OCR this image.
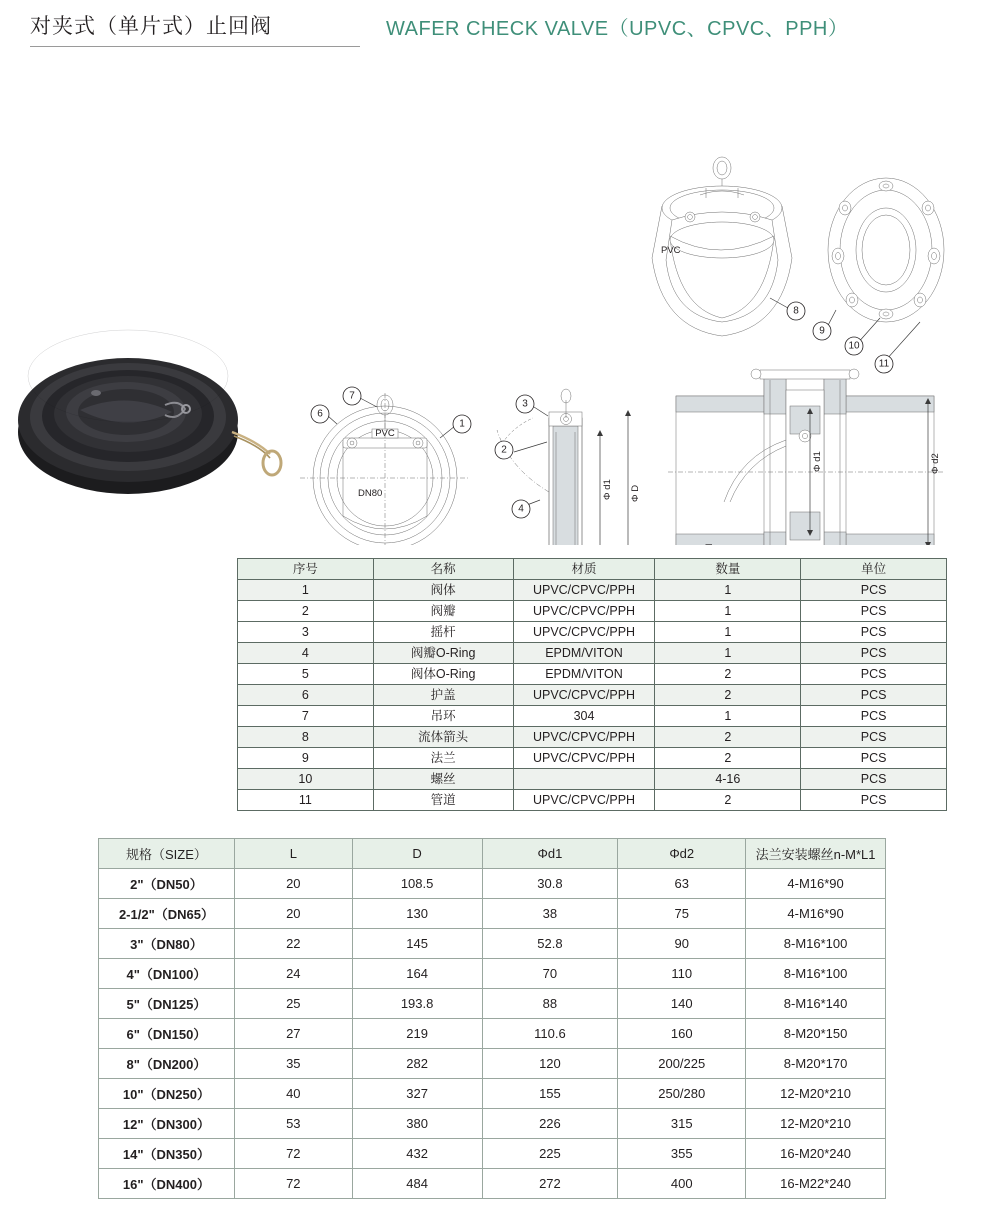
对夹式（单片式）止回阀	WAFER CHECK VALVE（UPVC、CPVC、PPH）
PVC
8
9
10
11
PVC
DN80
6
7
1
Φ d1 Φ D
3
2
4
Φ d1	Φ d2
序号	名称	材质	数量	单位
1	阀体	UPVC/CPVC/PPH	1	PCS
2	阀瓣	UPVC/CPVC/PPH	1	PCS
3	摇杆	UPVC/CPVC/PPH	1	PCS
4	阀瓣O-Ring	EPDM/VITON	1	PCS
5	阀体O-Ring	EPDM/VITON	2	PCS
6	护盖	UPVC/CPVC/PPH	2	PCS
7	吊环	304	1	PCS
8	流体箭头	UPVC/CPVC/PPH	2	PCS
9	法兰	UPVC/CPVC/PPH	2	PCS
10	螺丝		4-16	PCS
11	管道	UPVC/CPVC/PPH	2	PCS
规格（SIZE）	L	D	Φd1	Φd2	法兰安装螺丝n-M*L1
2"（DN50）	20	108.5	30.8	63	4-M16*90
2-1/2"（DN65）	20	130	38	75	4-M16*90
3"（DN80）	22	145	52.8	90	8-M16*100
4"（DN100）	24	164	70	110	8-M16*100
5"（DN125）	25	193.8	88	140	8-M16*140
6"（DN150）	27	219	110.6	160	8-M20*150
8"（DN200）	35	282	120	200/225	8-M20*170
10"（DN250）	40	327	155	250/280	12-M20*210
12"（DN300）	53	380	226	315	12-M20*210
14"（DN350）	72	432	225	355	16-M20*240
16"（DN400）	72	484	272	400	16-M22*240
